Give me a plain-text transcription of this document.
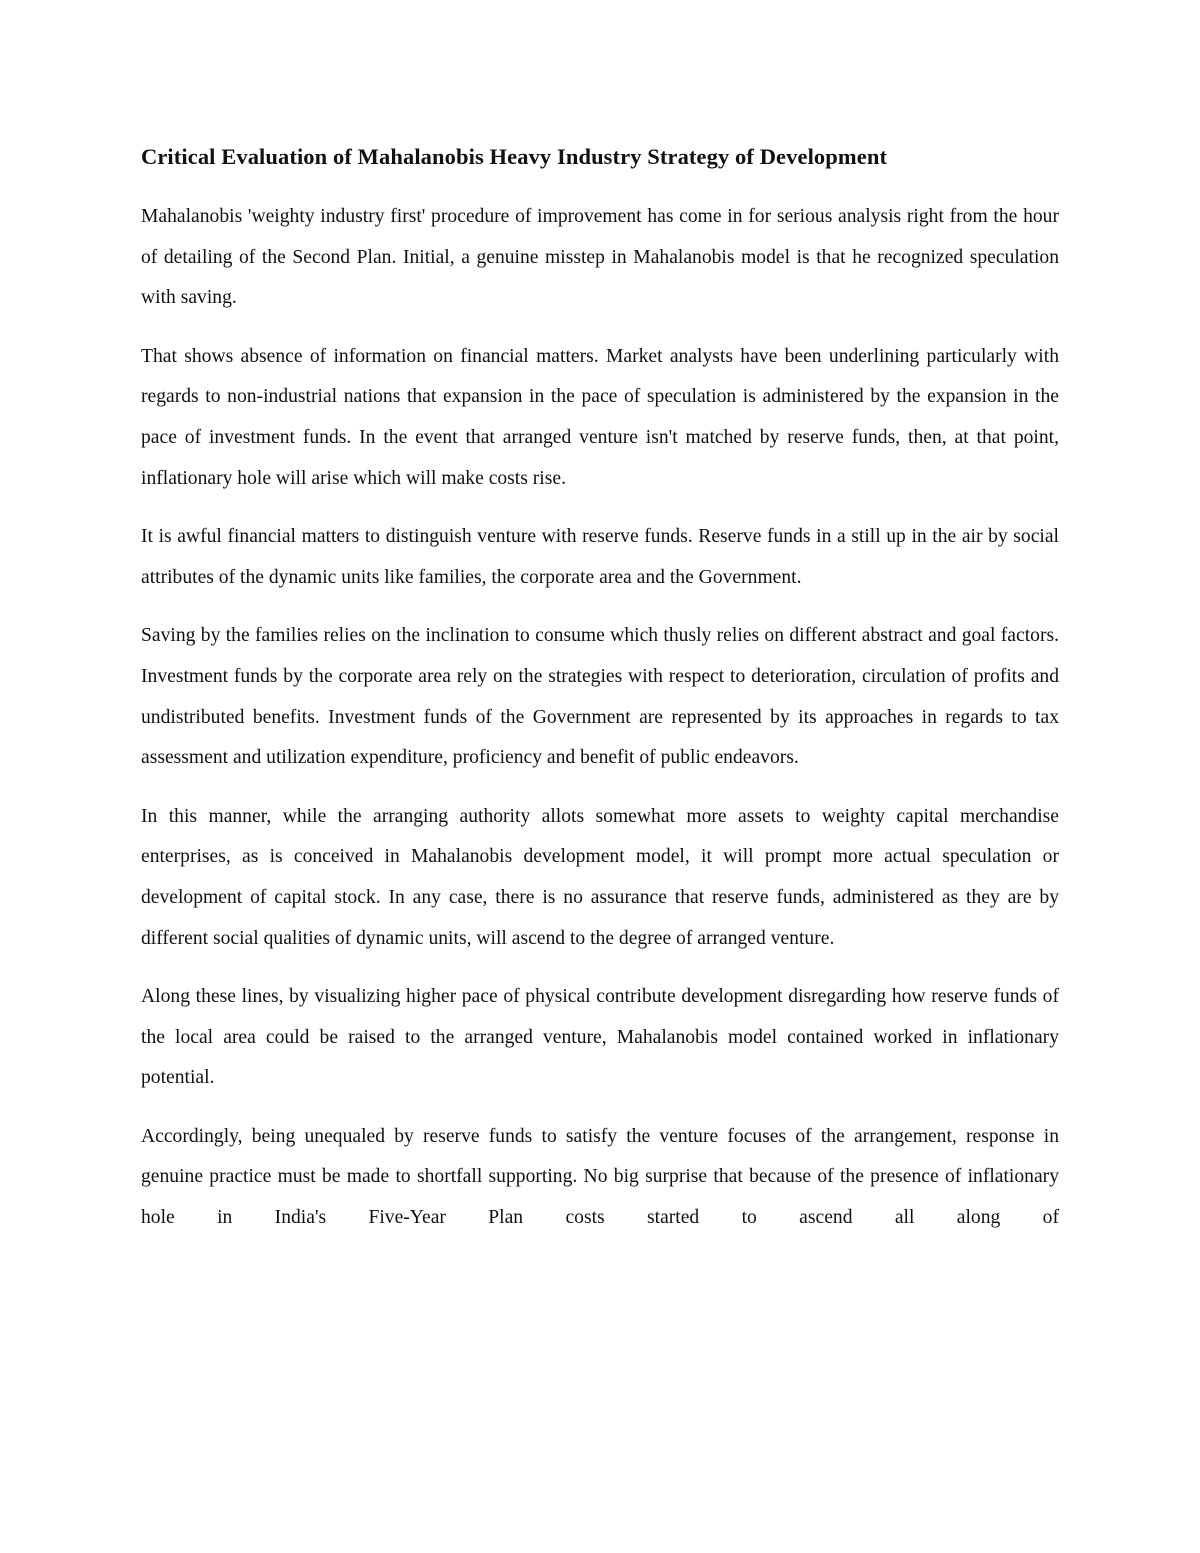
Critical Evaluation of Mahalanobis Heavy Industry Strategy of Development

Mahalanobis 'weighty industry first' procedure of improvement has come in for serious analysis right from the hour of detailing of the Second Plan. Initial, a genuine misstep in Mahalanobis model is that he recognized speculation with saving.

That shows absence of information on financial matters. Market analysts have been underlining particularly with regards to non-industrial nations that expansion in the pace of speculation is administered by the expansion in the pace of investment funds. In the event that arranged venture isn't matched by reserve funds, then, at that point, inflationary hole will arise which will make costs rise.

It is awful financial matters to distinguish venture with reserve funds. Reserve funds in a still up in the air by social attributes of the dynamic units like families, the corporate area and the Government.

Saving by the families relies on the inclination to consume which thusly relies on different abstract and goal factors. Investment funds by the corporate area rely on the strategies with respect to deterioration, circulation of profits and undistributed benefits. Investment funds of the Government are represented by its approaches in regards to tax assessment and utilization expenditure, proficiency and benefit of public endeavors.

In this manner, while the arranging authority allots somewhat more assets to weighty capital merchandise enterprises, as is conceived in Mahalanobis development model, it will prompt more actual speculation or development of capital stock. In any case, there is no assurance that reserve funds, administered as they are by different social qualities of dynamic units, will ascend to the degree of arranged venture.

Along these lines, by visualizing higher pace of physical contribute development disregarding how reserve funds of the local area could be raised to the arranged venture, Mahalanobis model contained worked in inflationary potential.

Accordingly, being unequaled by reserve funds to satisfy the venture focuses of the arrangement, response in genuine practice must be made to shortfall supporting. No big surprise that because of the presence of inflationary hole in India's Five-Year Plan costs started to ascend all along of
